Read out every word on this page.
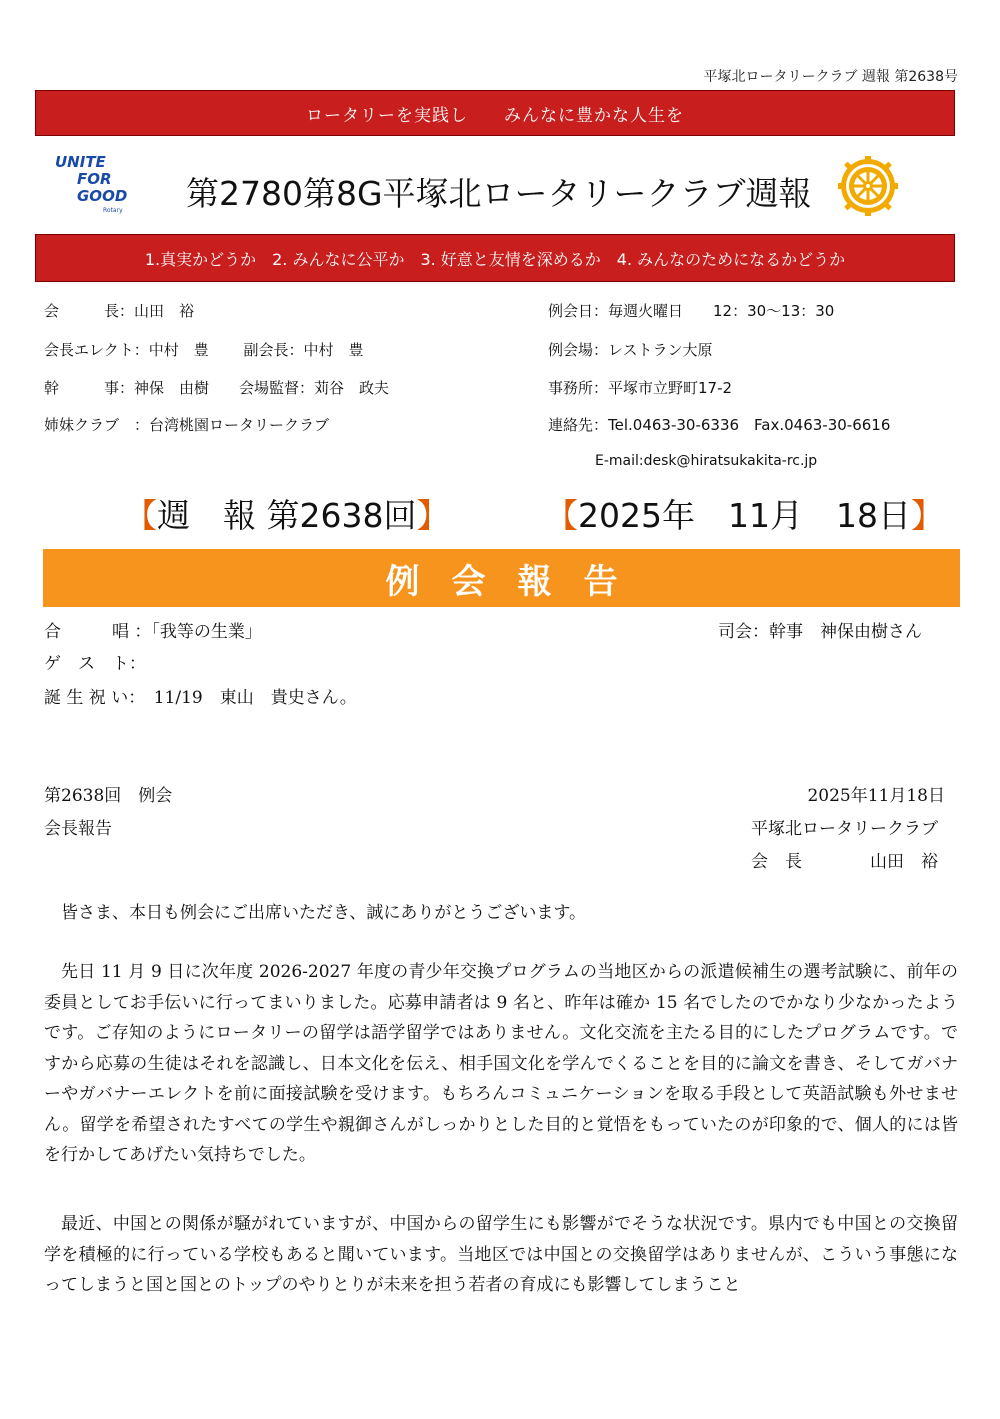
平塚北ロータリークラブ 週報 第2638号
ロータリーを実践し みんなに豊かな人生を
UNITE
FOR
GOOD
Rotary	第2780第8G平塚北ロータリークラブ週報
1.真実かどうか　2. みんなに公平か　3. 好意と友情を深めるか　4. みんなのためになるかどうか
会　　　長：山田　裕
会長エレクト：中村　豊　　 副会長：中村　豊
幹　　　事：神保　由樹　　会場監督：苅谷　政夫
姉妹クラブ　：台湾桃園ロータリークラブ
例会日：毎週火曜日　　12：30〜13：30
例会場：レストラン大原
事務所：平塚市立野町17-2
連絡先：Tel.0463-30-6336　Fax.0463-30-6616
E-mail:desk@hiratsukakita-rc.jp
【週　報 第2638回】	【2025年　11月　18日】
例会報告
合　　　唱 ：「我等の生業」	司会：幹事　神保由樹さん
ゲ　ス　ト：
誕 生 祝 い：　11/19　東山　貴史さん。
第2638回　例会	2025年11月18日
会長報告	平塚北ロータリークラブ
会　長　　　　山田　裕
皆さま、本日も例会にご出席いただき、誠にありがとうございます。
先日 11 月 9 日に次年度 2026-2027 年度の青少年交換プログラムの当地区からの派遣候補生の選考試験に、前年の委員としてお手伝いに行ってまいりました。応募申請者は 9 名と、昨年は確か 15 名でしたのでかなり少なかったようです。ご存知のようにロータリーの留学は語学留学ではありません。文化交流を主たる目的にしたプログラムです。ですから応募の生徒はそれを認識し、日本文化を伝え、相手国文化を学んでくることを目的に論文を書き、そしてガバナーやガバナーエレクトを前に面接試験を受けます。もちろんコミュニケーションを取る手段として英語試験も外せません。留学を希望されたすべての学生や親御さんがしっかりとした目的と覚悟をもっていたのが印象的で、個人的には皆を行かしてあげたい気持ちでした。
最近、中国との関係が騒がれていますが、中国からの留学生にも影響がでそうな状況です。県内でも中国との交換留学を積極的に行っている学校もあると聞いています。当地区では中国との交換留学はありませんが、こういう事態になってしまうと国と国とのトップのやりとりが未来を担う若者の育成にも影響してしまうこと
